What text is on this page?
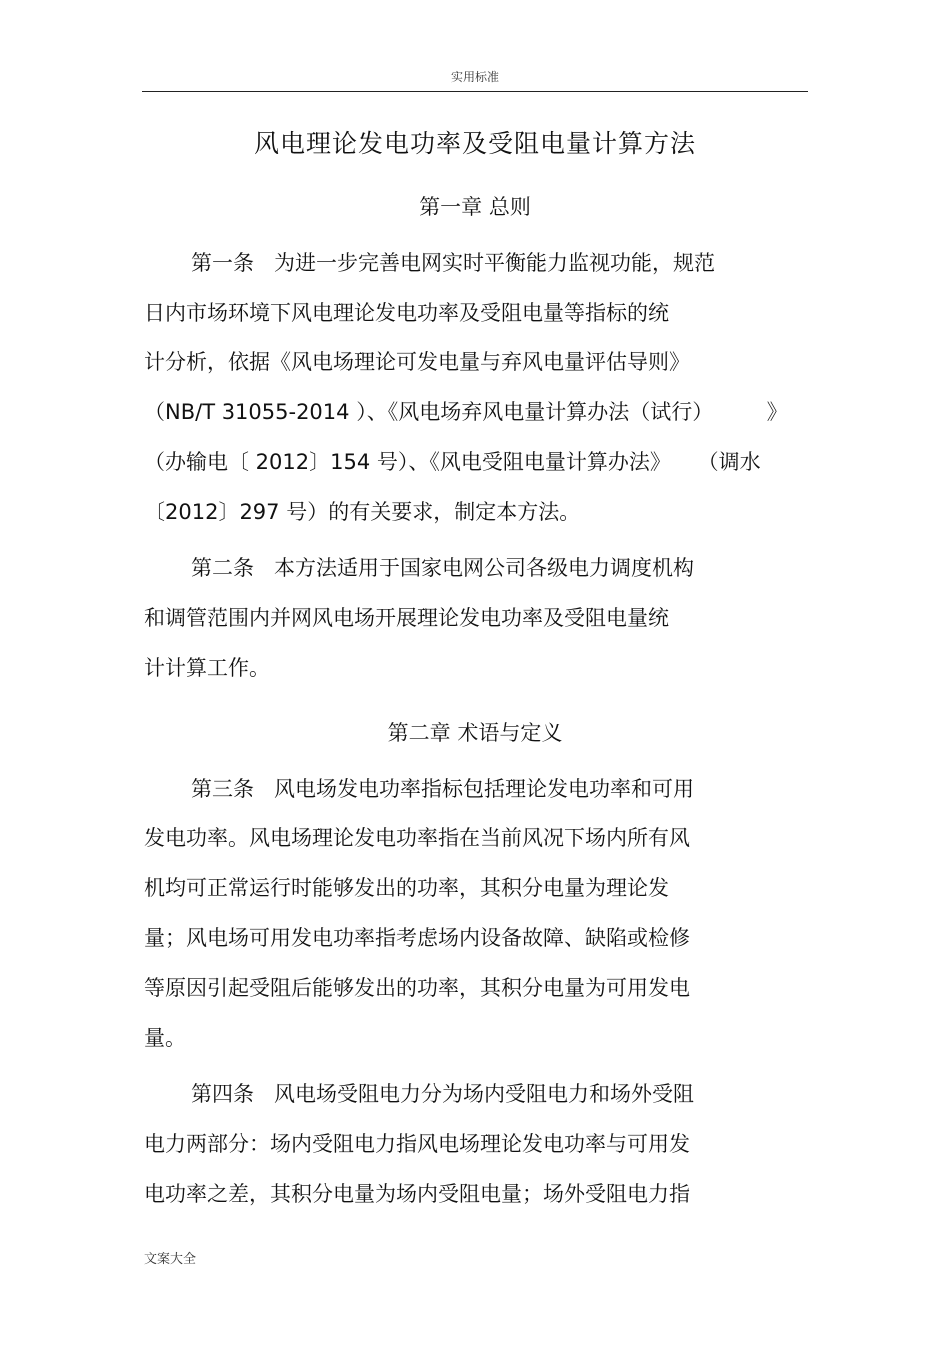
实用标准
风电理论发电功率及受阻电量计算方法
第一章 总则
第一条   为进一步完善电网实时平衡能力监视功能，规范
日内市场环境下风电理论发电功率及受阻电量等指标的统
计分析，依据《风电场理论可发电量与弃风电量评估导则》
（NB/T 31055-2014 ）、《风电场弃风电量计算办法（试行）        》
（办输电〔 2012〕154 号）、《风电受阻电量计算办法》    （调水
〔2012〕297 号）的有关要求，制定本方法。
第二条   本方法适用于国家电网公司各级电力调度机构
和调管范围内并网风电场开展理论发电功率及受阻电量统
计计算工作。
第二章 术语与定义
第三条   风电场发电功率指标包括理论发电功率和可用
发电功率。风电场理论发电功率指在当前风况下场内所有风
机均可正常运行时能够发出的功率，其积分电量为理论发
量；风电场可用发电功率指考虑场内设备故障、缺陷或检修
等原因引起受阻后能够发出的功率，其积分电量为可用发电
量。
第四条   风电场受阻电力分为场内受阻电力和场外受阻
电力两部分：场内受阻电力指风电场理论发电功率与可用发
电功率之差，其积分电量为场内受阻电量；场外受阻电力指
文案大全
